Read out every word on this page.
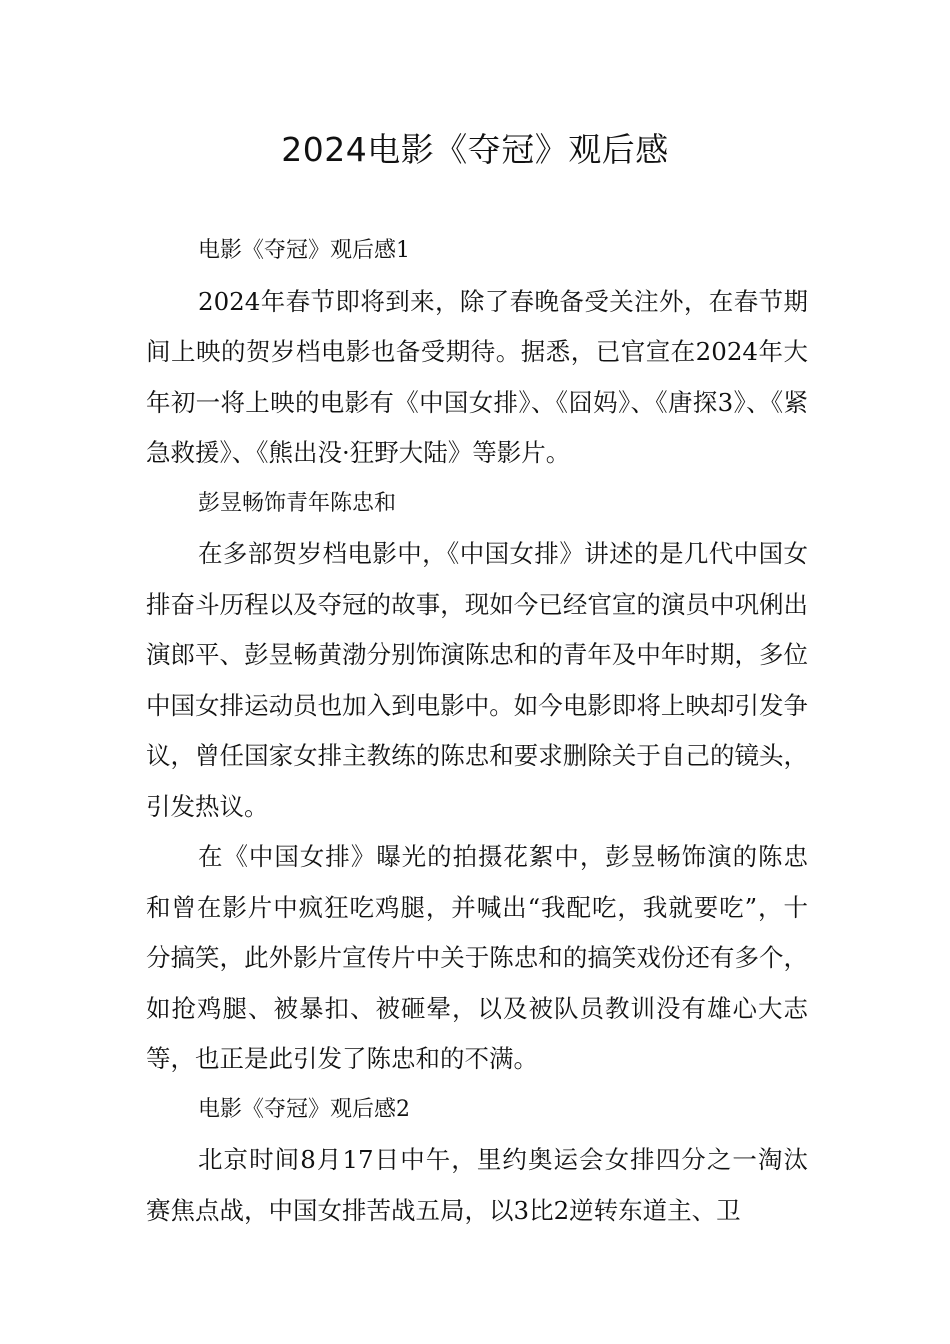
2024电影《夺冠》观后感

电影《夺冠》观后感1

2024年春节即将到来，除了春晚备受关注外，在春节期间上映的贺岁档电影也备受期待。据悉，已官宣在2024年大年初一将上映的电影有《中国女排》、《囧妈》、《唐探3》、《紧急救援》、《熊出没·狂野大陆》等影片。

彭昱畅饰青年陈忠和

在多部贺岁档电影中，《中国女排》讲述的是几代中国女排奋斗历程以及夺冠的故事，现如今已经官宣的演员中巩俐出演郎平、彭昱畅黄渤分别饰演陈忠和的青年及中年时期，多位中国女排运动员也加入到电影中。如今电影即将上映却引发争议，曾任国家女排主教练的陈忠和要求删除关于自己的镜头，引发热议。

在《中国女排》曝光的拍摄花絮中，彭昱畅饰演的陈忠和曾在影片中疯狂吃鸡腿，并喊出“我配吃，我就要吃”，十分搞笑，此外影片宣传片中关于陈忠和的搞笑戏份还有多个，如抢鸡腿、被暴扣、被砸晕，以及被队员教训没有雄心大志等，也正是此引发了陈忠和的不满。

电影《夺冠》观后感2

北京时间8月17日中午，里约奥运会女排四分之一淘汰赛焦点战，中国女排苦战五局，以3比2逆转东道主、卫
